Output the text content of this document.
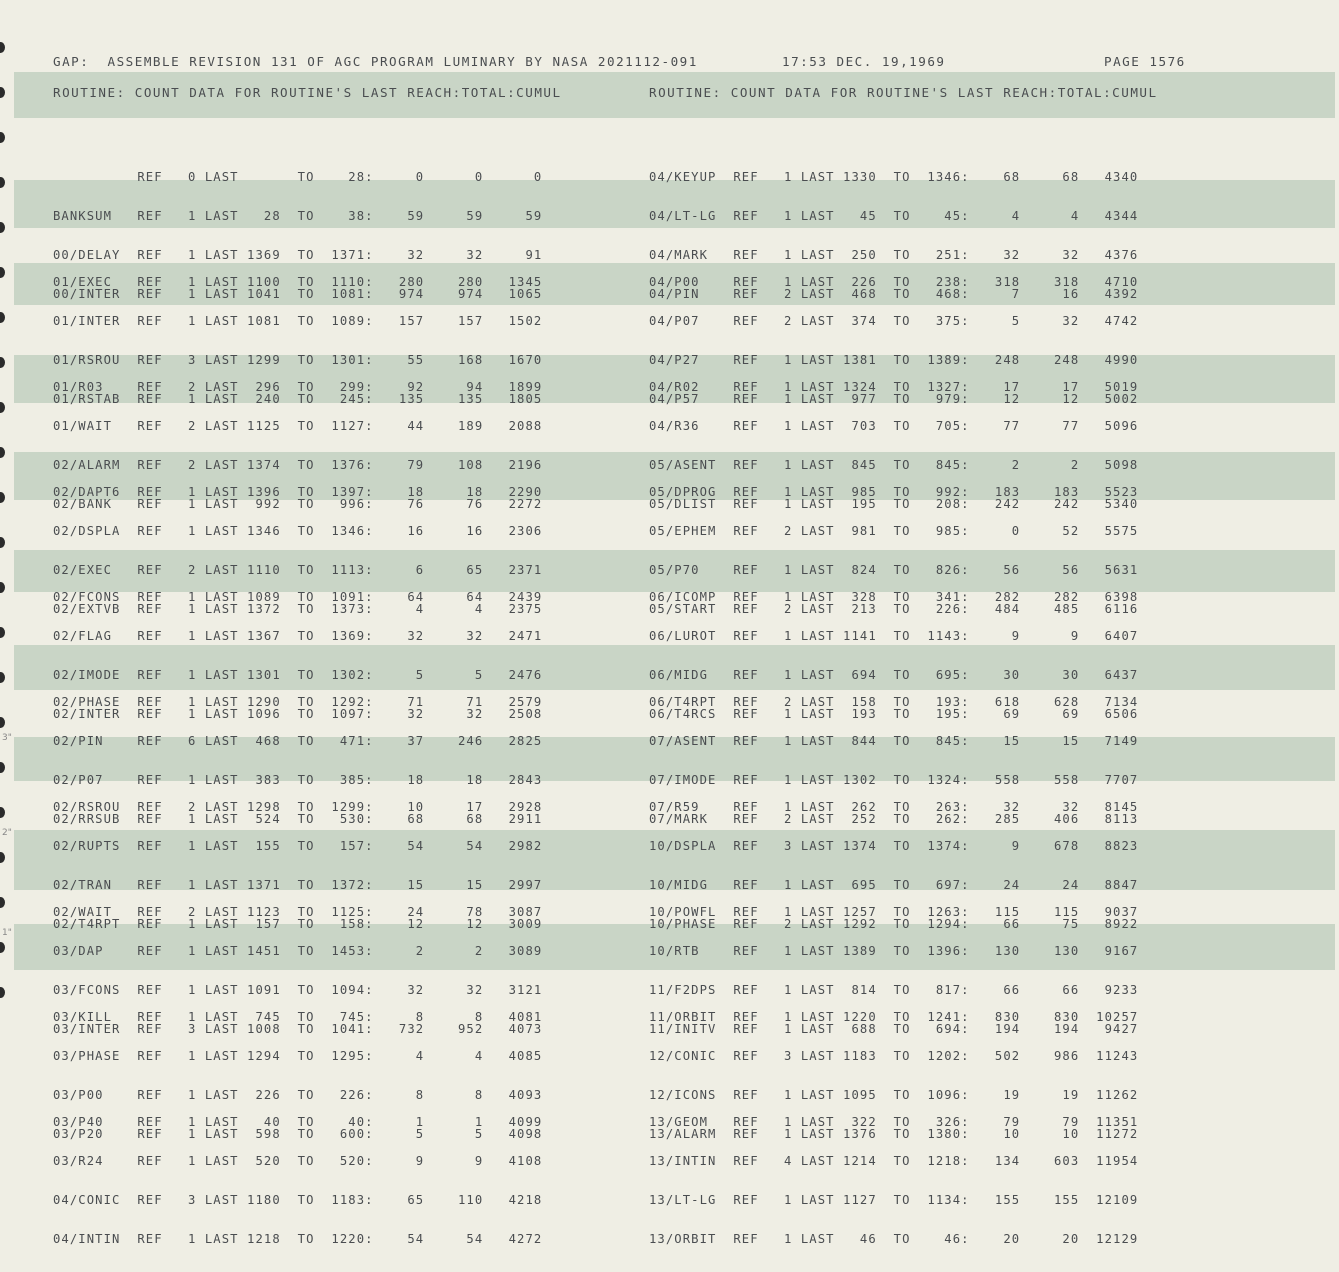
3"
2"
1"
GAP:  ASSEMBLE REVISION 131 OF AGC PROGRAM LUMINARY BY NASA 2021112-091	17:53 DEC. 19,1969	PAGE 1576
ROUTINE: COUNT DATA FOR ROUTINE'S LAST REACH:TOTAL:CUMUL	ROUTINE: COUNT DATA FOR ROUTINE'S LAST REACH:TOTAL:CUMUL

REF   0 LAST       TO    28:     0      0      0

BANKSUM   REF   1 LAST   28  TO    38:    59     59     59

00/DELAY  REF   1 LAST 1369  TO  1371:    32     32     91

00/INTER  REF   1 LAST 1041  TO  1081:   974    974   1065

01/EXEC   REF   1 LAST 1100  TO  1110:   280    280   1345

01/INTER  REF   1 LAST 1081  TO  1089:   157    157   1502

01/RSROU  REF   3 LAST 1299  TO  1301:    55    168   1670

01/RSTAB  REF   1 LAST  240  TO   245:   135    135   1805

01/R03    REF   2 LAST  296  TO   299:    92     94   1899

01/WAIT   REF   2 LAST 1125  TO  1127:    44    189   2088

02/ALARM  REF   2 LAST 1374  TO  1376:    79    108   2196

02/BANK   REF   1 LAST  992  TO   996:    76     76   2272

02/DAPT6  REF   1 LAST 1396  TO  1397:    18     18   2290

02/DSPLA  REF   1 LAST 1346  TO  1346:    16     16   2306

02/EXEC   REF   2 LAST 1110  TO  1113:     6     65   2371

02/EXTVB  REF   1 LAST 1372  TO  1373:     4      4   2375

02/FCONS  REF   1 LAST 1089  TO  1091:    64     64   2439

02/FLAG   REF   1 LAST 1367  TO  1369:    32     32   2471

02/IMODE  REF   1 LAST 1301  TO  1302:     5      5   2476

02/INTER  REF   1 LAST 1096  TO  1097:    32     32   2508

02/PHASE  REF   1 LAST 1290  TO  1292:    71     71   2579

02/PIN    REF   6 LAST  468  TO   471:    37    246   2825

02/P07    REF   1 LAST  383  TO   385:    18     18   2843

02/RRSUB  REF   1 LAST  524  TO   530:    68     68   2911

02/RSROU  REF   2 LAST 1298  TO  1299:    10     17   2928

02/RUPTS  REF   1 LAST  155  TO   157:    54     54   2982

02/TRAN   REF   1 LAST 1371  TO  1372:    15     15   2997

02/T4RPT  REF   1 LAST  157  TO   158:    12     12   3009

02/WAIT   REF   2 LAST 1123  TO  1125:    24     78   3087

03/DAP    REF   1 LAST 1451  TO  1453:     2      2   3089

03/FCONS  REF   1 LAST 1091  TO  1094:    32     32   3121

03/INTER  REF   3 LAST 1008  TO  1041:   732    952   4073

03/KILL   REF   1 LAST  745  TO   745:     8      8   4081

03/PHASE  REF   1 LAST 1294  TO  1295:     4      4   4085

03/P00    REF   1 LAST  226  TO   226:     8      8   4093

03/P20    REF   1 LAST  598  TO   600:     5      5   4098

03/P40    REF   1 LAST   40  TO    40:     1      1   4099

03/R24    REF   1 LAST  520  TO   520:     9      9   4108

04/CONIC  REF   3 LAST 1180  TO  1183:    65    110   4218

04/INTIN  REF   1 LAST 1218  TO  1220:    54     54   4272

04/KEYUP  REF   1 LAST 1330  TO  1346:    68     68   4340

04/LT-LG  REF   1 LAST   45  TO    45:     4      4   4344

04/MARK   REF   1 LAST  250  TO   251:    32     32   4376

04/PIN    REF   2 LAST  468  TO   468:     7     16   4392

04/P00    REF   1 LAST  226  TO   238:   318    318   4710

04/P07    REF   2 LAST  374  TO   375:     5     32   4742

04/P27    REF   1 LAST 1381  TO  1389:   248    248   4990

04/P57    REF   1 LAST  977  TO   979:    12     12   5002

04/R02    REF   1 LAST 1324  TO  1327:    17     17   5019

04/R36    REF   1 LAST  703  TO   705:    77     77   5096

05/ASENT  REF   1 LAST  845  TO   845:     2      2   5098

05/DLIST  REF   1 LAST  195  TO   208:   242    242   5340

05/DPROG  REF   1 LAST  985  TO   992:   183    183   5523

05/EPHEM  REF   2 LAST  981  TO   985:     0     52   5575

05/P70    REF   1 LAST  824  TO   826:    56     56   5631

05/START  REF   2 LAST  213  TO   226:   484    485   6116

06/ICOMP  REF   1 LAST  328  TO   341:   282    282   6398

06/LUROT  REF   1 LAST 1141  TO  1143:     9      9   6407

06/MIDG   REF   1 LAST  694  TO   695:    30     30   6437

06/T4RCS  REF   1 LAST  193  TO   195:    69     69   6506

06/T4RPT  REF   2 LAST  158  TO   193:   618    628   7134

07/ASENT  REF   1 LAST  844  TO   845:    15     15   7149

07/IMODE  REF   1 LAST 1302  TO  1324:   558    558   7707

07/MARK   REF   2 LAST  252  TO   262:   285    406   8113

07/R59    REF   1 LAST  262  TO   263:    32     32   8145

10/DSPLA  REF   3 LAST 1374  TO  1374:     9    678   8823

10/MIDG   REF   1 LAST  695  TO   697:    24     24   8847

10/PHASE  REF   2 LAST 1292  TO  1294:    66     75   8922

10/POWFL  REF   1 LAST 1257  TO  1263:   115    115   9037

10/RTB    REF   1 LAST 1389  TO  1396:   130    130   9167

11/F2DPS  REF   1 LAST  814  TO   817:    66     66   9233

11/INITV  REF   1 LAST  688  TO   694:   194    194   9427

11/ORBIT  REF   1 LAST 1220  TO  1241:   830    830  10257

12/CONIC  REF   3 LAST 1183  TO  1202:   502    986  11243

12/ICONS  REF   1 LAST 1095  TO  1096:    19     19  11262

13/ALARM  REF   1 LAST 1376  TO  1380:    10     10  11272

13/GEOM   REF   1 LAST  322  TO   326:    79     79  11351

13/INTIN  REF   4 LAST 1214  TO  1218:   134    603  11954

13/LT-LG  REF   1 LAST 1127  TO  1134:   155    155  12109

13/ORBIT  REF   1 LAST   46  TO    46:    20     20  12129
